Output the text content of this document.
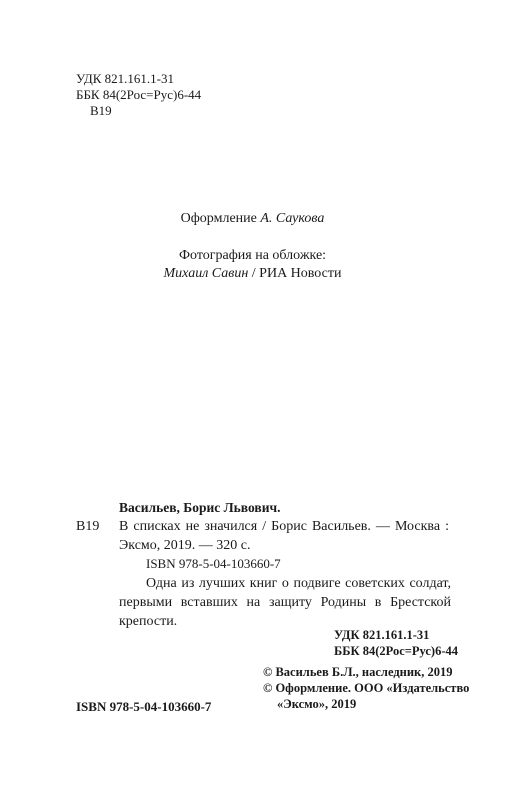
УДК 821.161.1-31
ББК 84(2Рос=Рус)6-44
В19
Оформление А. Саукова
Фотография на обложке:
Михаил Савин / РИА Новости
Васильев, Борис Львович.
В19 В списках не значился / Борис Васильев. — Москва : Эксмо, 2019. — 320 с.
ISBN 978-5-04-103660-7
Одна из лучших книг о подвиге советских солдат, первыми вставших на защиту Родины в Брестской крепости.
УДК 821.161.1-31
ББК 84(2Рос=Рус)6-44
© Васильев Б.Л., наследник, 2019
© Оформление. ООО «Издательство
«Эксмо», 2019
ISBN 978-5-04-103660-7
